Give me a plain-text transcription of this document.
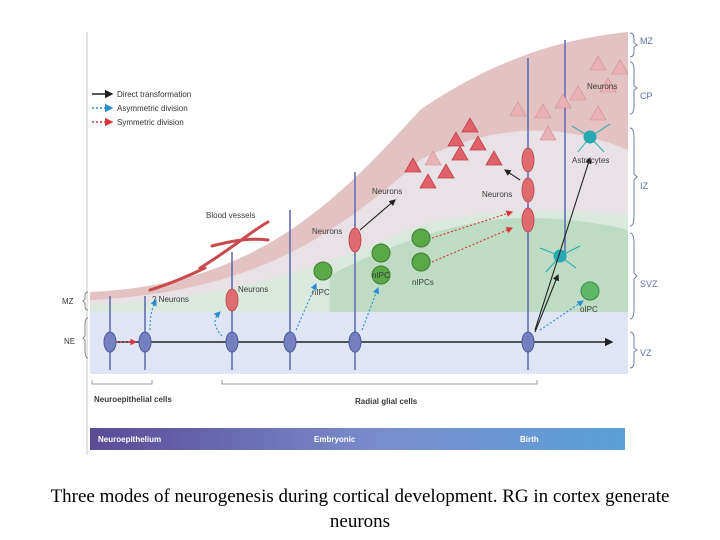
Direct transformation
Asymmetric division
Symmetric division
MZ
CP
IZ
SVZ
VZ
MZ
NE
Neurons
Astrocytes
Neurons	Neurons
Neurons
Blood vessels
? Neurons
Neurons	nIPC
nIPC
nIPCs
oIPC
Neuroepithelial cells	Radial glial cells
Neuroepithelium	Embryonic	Birth
Three modes of neurogenesis during cortical development. RG in cortex generate neurons
